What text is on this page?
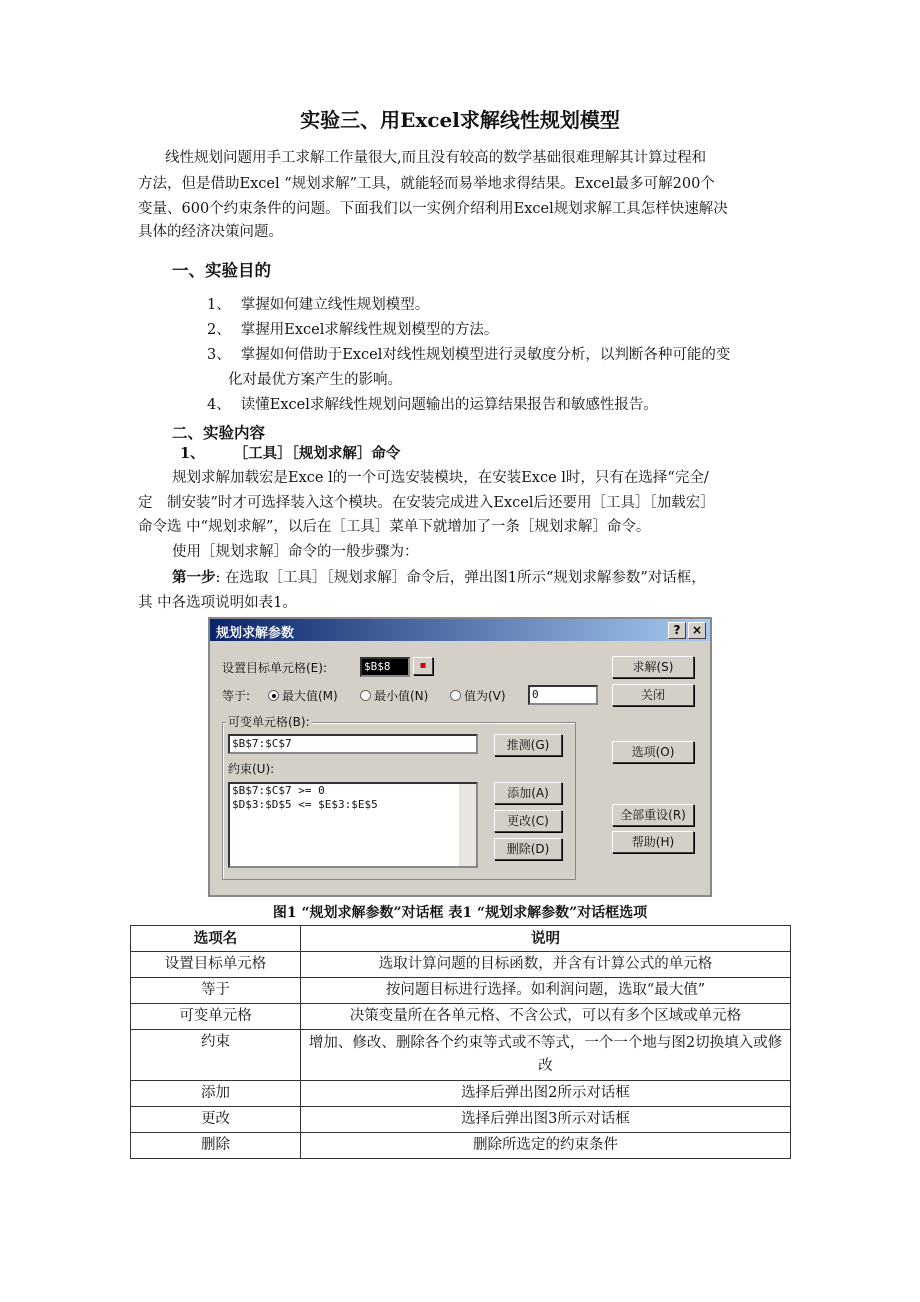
实验三、用Excel求解线性规划模型
线性规划问题用手工求解工作量很大,而且没有较高的数学基础很难理解其计算过程和
方法，但是借助Excel “规划求解”工具，就能轻而易举地求得结果。Excel最多可解200个
变量、600个约束条件的问题。下面我们以一实例介绍利用Excel规划求解工具怎样快速解决
具体的经济决策问题。
一、实验目的
1、 掌握如何建立线性规划模型。
2、 掌握用Excel求解线性规划模型的方法。
3、 掌握如何借助于Excel对线性规划模型进行灵敏度分析，以判断各种可能的变
化对最优方案产生的影响。
4、 读懂Excel求解线性规划问题输出的运算结果报告和敏感性报告。
二、实验内容
1、　　　［工具］［规划求解］命令
规划求解加载宏是Exce l的一个可选安装模块，在安装Exce l时，只有在选择“完全/
定　制安装”时才可选择装入这个模块。在安装完成进入Excel后还要用［工具］［加载宏］
命令选 中“规划求解”，以后在［工具］菜单下就增加了一条［规划求解］命令。
使用［规划求解］命令的一般步骤为：
第一步: 在选取［工具］［规划求解］命令后，弹出图1所示“规划求解参数”对话框，
其 中各选项说明如表1。
规划求解参数	? ×
设置目标单元格(E):	$B$8	▪
等于:	最大值(M)	最小值(N)	值为(V)	0
可变单元格(B):
$B$7:$C$7	推测(G)
约束(U):
$B$7:$C$7 >= 0
$D$3:$D$5 <= $E$3:$E$5
添加(A)
更改(C)
删除(D)
求解(S)
关闭
选项(O)
全部重设(R)
帮助(H)
图1 “规划求解参数”对话框 表1 “规划求解参数”对话框选项
选项名	说明
设置目标单元格	选取计算问题的目标函数，并含有计算公式的单元格
等于	按问题目标进行选择。如利润问题，选取“最大值”
可变单元格	决策变量所在各单元格、不含公式，可以有多个区域或单元格
约束	增加、修改、删除各个约束等式或不等式，一个一个地与图2切换填入或修改
添加	选择后弹出图2所示对话框
更改	选择后弹出图3所示对话框
删除	删除所选定的约束条件
